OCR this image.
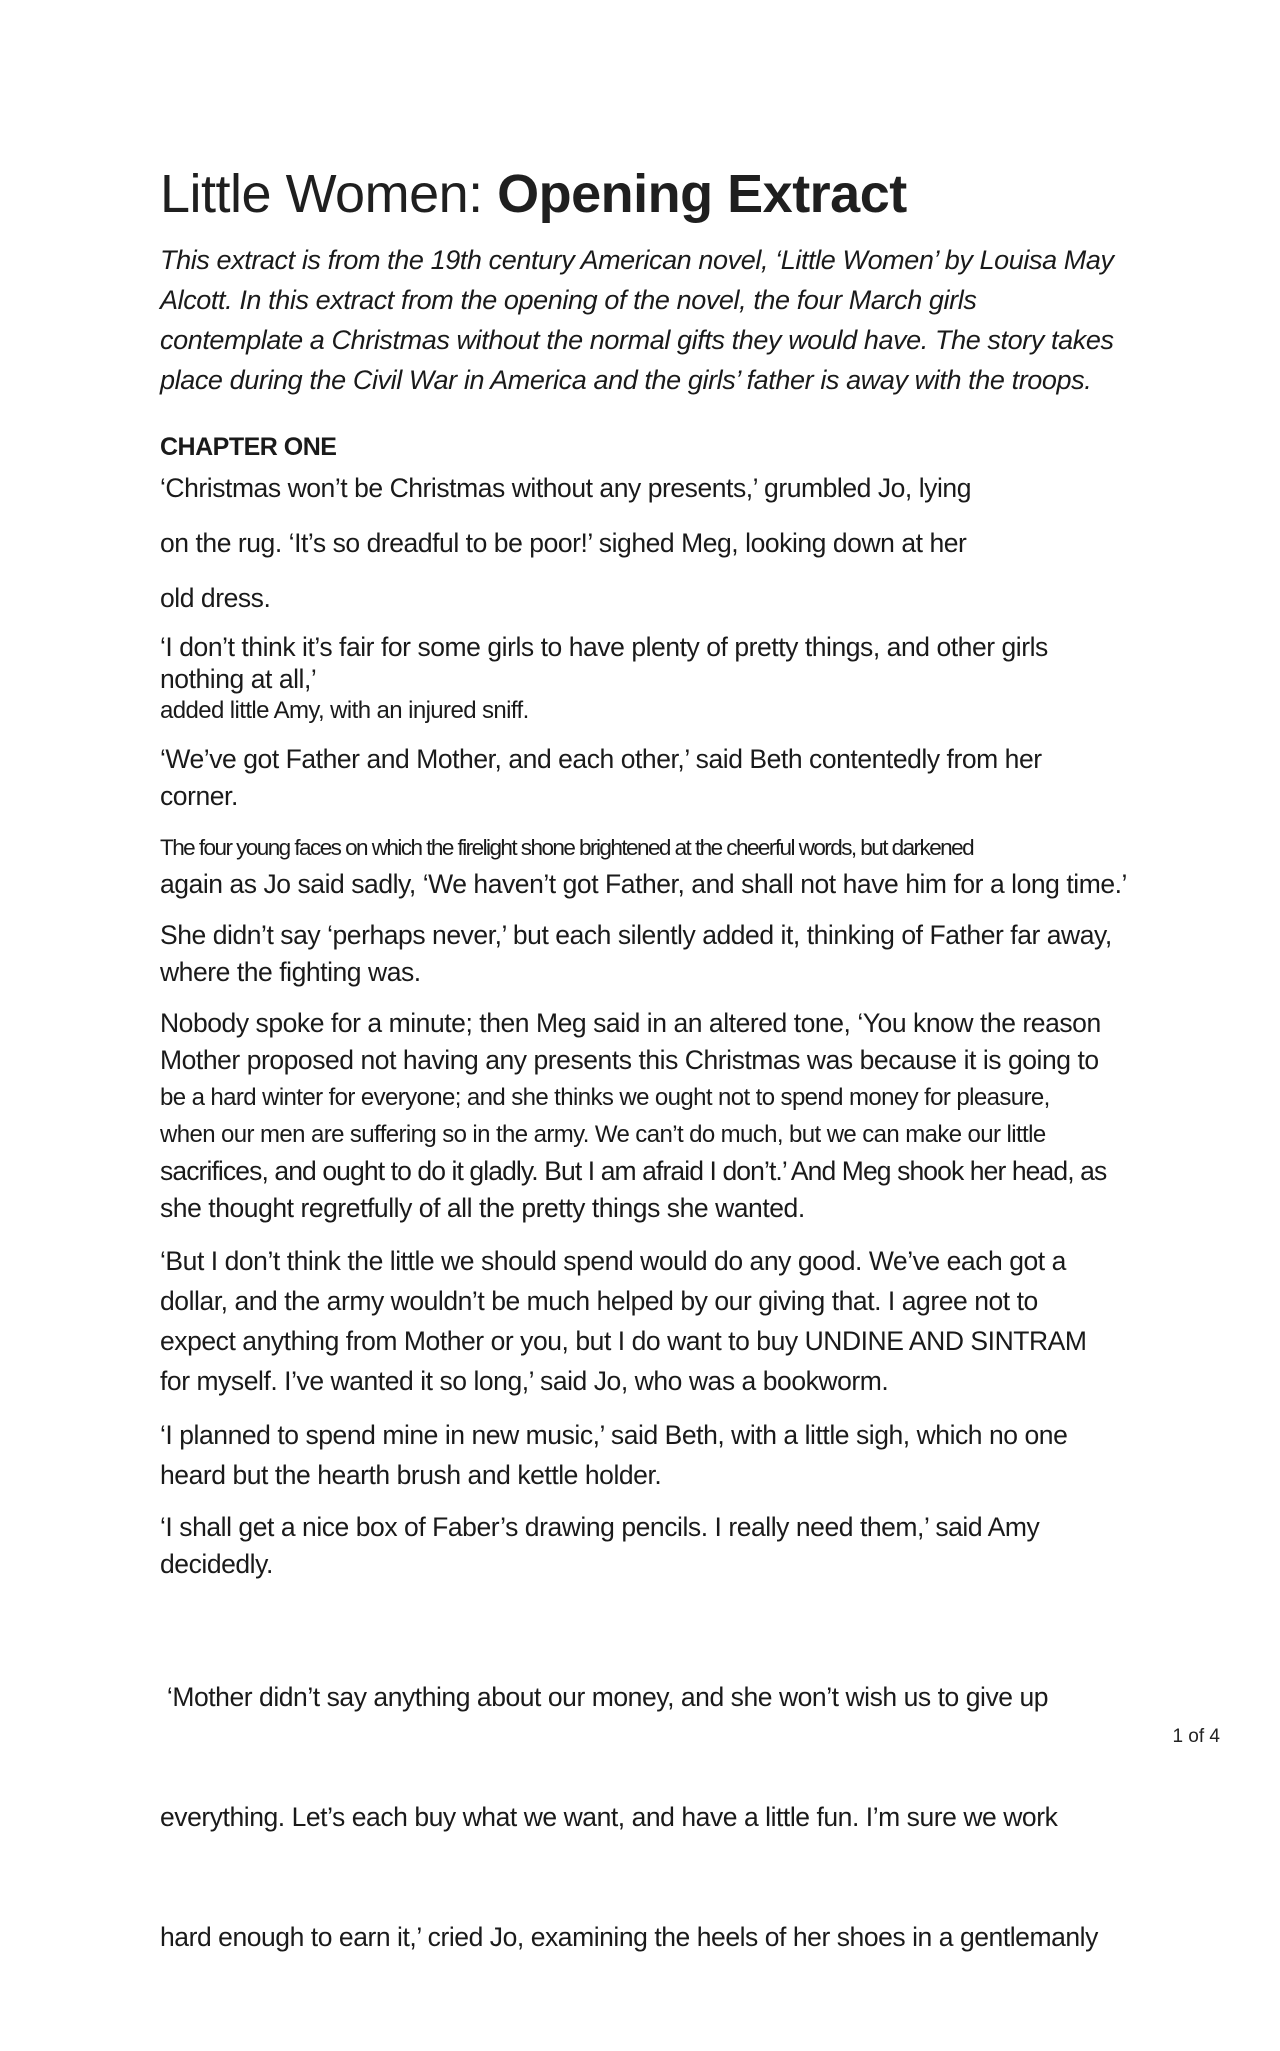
Little Women: Opening Extract
This extract is from the 19th century American novel, ‘Little Women’ by Louisa May
Alcott. In this extract from the opening of the novel, the four March girls
contemplate a Christmas without the normal gifts they would have. The story takes
place during the Civil War in America and the girls’ father is away with the troops.
CHAPTER ONE
‘Christmas won’t be Christmas without any presents,’ grumbled Jo, lying
on the rug. ‘It’s so dreadful to be poor!’ sighed Meg, looking down at her
old dress.
‘I don’t think it’s fair for some girls to have plenty of pretty things, and other girls
nothing at all,’
added little Amy, with an injured sniff.
‘We’ve got Father and Mother, and each other,’ said Beth contentedly from her
corner.
The four young faces on which the firelight shone brightened at the cheerful words, but darkened
again as Jo said sadly, ‘We haven’t got Father, and shall not have him for a long time.’
She didn’t say ‘perhaps never,’ but each silently added it, thinking of Father far away,
where the fighting was.
Nobody spoke for a minute; then Meg said in an altered tone, ‘You know the reason
Mother proposed not having any presents this Christmas was because it is going to
be a hard winter for everyone; and she thinks we ought not to spend money for pleasure,
when our men are suffering so in the army. We can’t do much, but we can make our little
sacrifices, and ought to do it gladly. But I am afraid I don’t.’ And Meg shook her head, as
she thought regretfully of all the pretty things she wanted.
‘But I don’t think the little we should spend would do any good. We’ve each got a
dollar, and the army wouldn’t be much helped by our giving that. I agree not to
expect anything from Mother or you, but I do want to buy UNDINE AND SINTRAM
for myself. I’ve wanted it so long,’ said Jo, who was a bookworm.
‘I planned to spend mine in new music,’ said Beth, with a little sigh, which no one
heard but the hearth brush and kettle holder.
‘I shall get a nice box of Faber’s drawing pencils. I really need them,’ said Amy
decidedly.

‘Mother didn’t say anything about our money, and she won’t wish us to give up

everything. Let’s each buy what we want, and have a little fun. I’m sure we work

hard enough to earn it,’ cried Jo, examining the heels of her shoes in a gentlemanly

1 of 4
